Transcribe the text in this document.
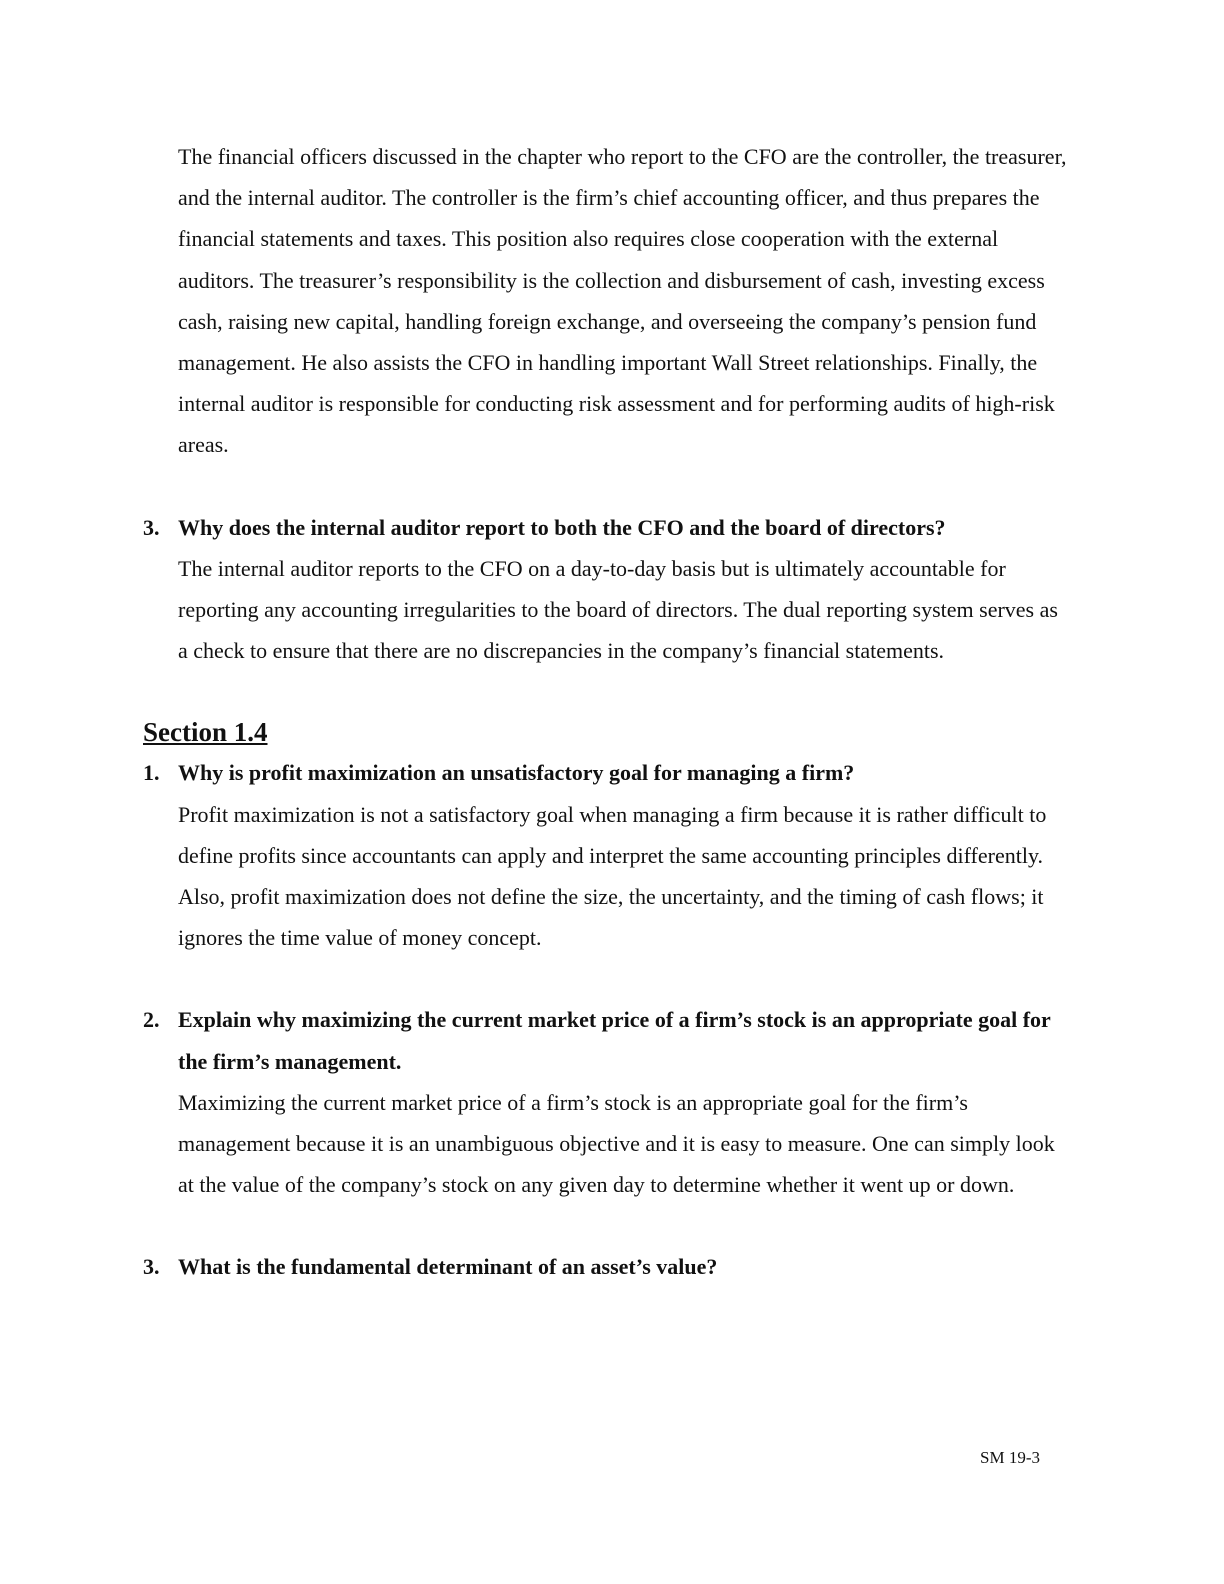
The financial officers discussed in the chapter who report to the CFO are the controller, the treasurer, and the internal auditor. The controller is the firm’s chief accounting officer, and thus prepares the financial statements and taxes. This position also requires close cooperation with the external auditors. The treasurer’s responsibility is the collection and disbursement of cash, investing excess cash, raising new capital, handling foreign exchange, and overseeing the company’s pension fund management. He also assists the CFO in handling important Wall Street relationships. Finally, the internal auditor is responsible for conducting risk assessment and for performing audits of high-risk areas.

3. Why does the internal auditor report to both the CFO and the board of directors?

The internal auditor reports to the CFO on a day-to-day basis but is ultimately accountable for reporting any accounting irregularities to the board of directors. The dual reporting system serves as a check to ensure that there are no discrepancies in the company’s financial statements.

Section 1.4

1. Why is profit maximization an unsatisfactory goal for managing a firm?

Profit maximization is not a satisfactory goal when managing a firm because it is rather difficult to define profits since accountants can apply and interpret the same accounting principles differently. Also, profit maximization does not define the size, the uncertainty, and the timing of cash flows; it ignores the time value of money concept.

2. Explain why maximizing the current market price of a firm’s stock is an appropriate goal for the firm’s management.

Maximizing the current market price of a firm’s stock is an appropriate goal for the firm’s management because it is an unambiguous objective and it is easy to measure. One can simply look at the value of the company’s stock on any given day to determine whether it went up or down.

3. What is the fundamental determinant of an asset’s value?

SM 19-3
